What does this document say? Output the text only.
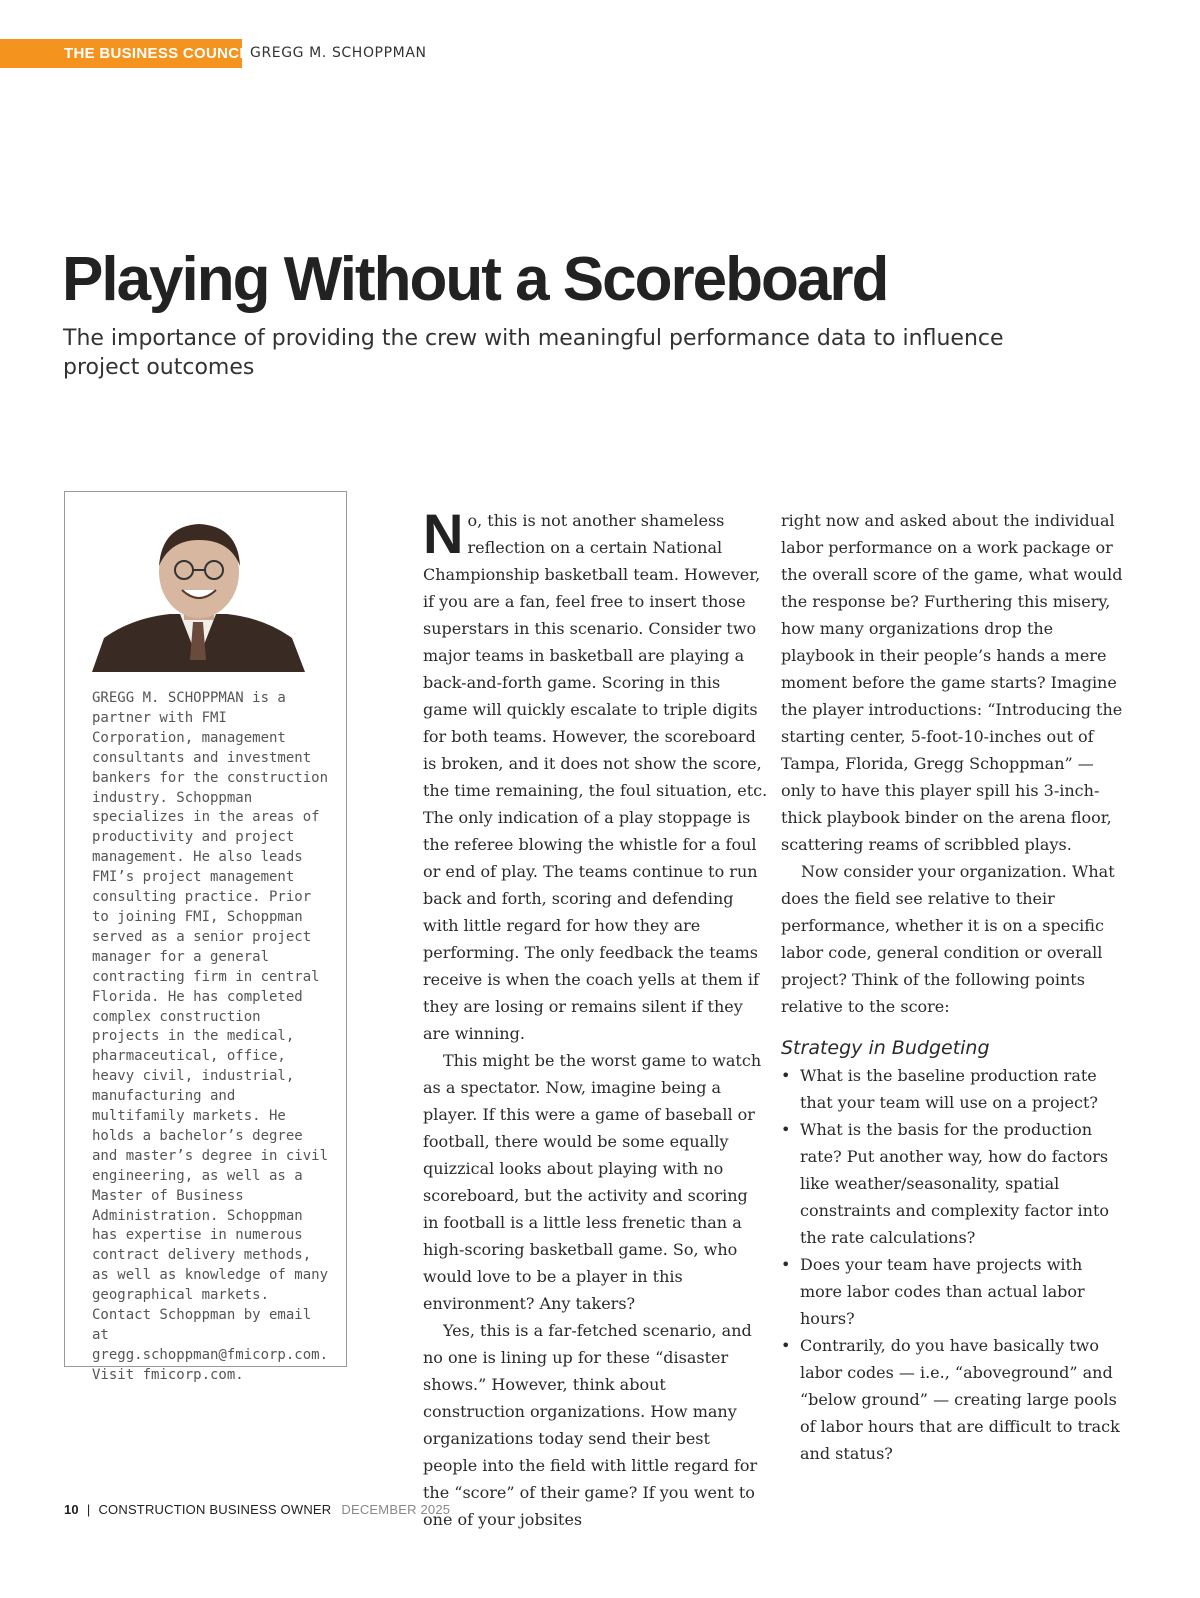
THE BUSINESS COUNCIL
GREGG M. SCHOPPMAN
Playing Without a Scoreboard

The importance of providing the crew with meaningful performance data to influence project outcomes

GREGG M. SCHOPPMAN is a partner with FMI Corporation, management consultants and investment bankers for the construction industry. Schoppman specializes in the areas of productivity and project management. He also leads FMI’s project management consulting practice. Prior to joining FMI, Schoppman served as a senior project manager for a general contracting firm in central Florida. He has completed complex construction projects in the medical, pharmaceutical, office, heavy civil, industrial, manufacturing and multifamily markets. He holds a bachelor’s degree and master’s degree in civil engineering, as well as a Master of Business Administration. Schoppman has expertise in numerous contract delivery methods, as well as knowledge of many geographical markets. Contact Schoppman by email at gregg.schoppman@fmicorp.com. Visit fmicorp.com.

N o, this is not another shameless reflection on a certain National Championship basketball team. However, if you are a fan, feel free to insert those superstars in this scenario. Consider two major teams in basketball are playing a back-and-forth game. Scoring in this game will quickly escalate to triple digits for both teams. However, the scoreboard is broken, and it does not show the score, the time remaining, the foul situation, etc. The only indication of a play stoppage is the referee blowing the whistle for a foul or end of play. The teams continue to run back and forth, scoring and defending with little regard for how they are performing. The only feedback the teams receive is when the coach yells at them if they are losing or remains silent if they are winning.

This might be the worst game to watch as a spectator. Now, imagine being a player. If this were a game of baseball or football, there would be some equally quizzical looks about playing with no scoreboard, but the activity and scoring in football is a little less frenetic than a high-scoring basketball game. So, who would love to be a player in this environment? Any takers?

Yes, this is a far-fetched scenario, and no one is lining up for these “disaster shows.” However, think about construction organizations. How many organizations today send their best people into the field with little regard for the “score” of their game? If you went to one of your jobsites

right now and asked about the individual labor performance on a work package or the overall score of the game, what would the response be? Furthering this misery, how many organizations drop the playbook in their people’s hands a mere moment before the game starts? Imagine the player introductions: “Introducing the starting center, 5-foot-10-inches out of Tampa, Florida, Gregg Schoppman” — only to have this player spill his 3-inch-thick playbook binder on the arena floor, scattering reams of scribbled plays.

Now consider your organization. What does the field see relative to their performance, whether it is on a specific labor code, general condition or overall project? Think of the following points relative to the score:

Strategy in Budgeting
• What is the baseline production rate that your team will use on a project?
• What is the basis for the production rate? Put another way, how do factors like weather/seasonality, spatial constraints and complexity factor into the rate calculations?
• Does your team have projects with more labor codes than actual labor hours?
• Contrarily, do you have basically two labor codes — i.e., “aboveground” and “below ground” — creating large pools of labor hours that are difficult to track and status?
10 | CONSTRUCTION BUSINESS OWNER DECEMBER 2025
